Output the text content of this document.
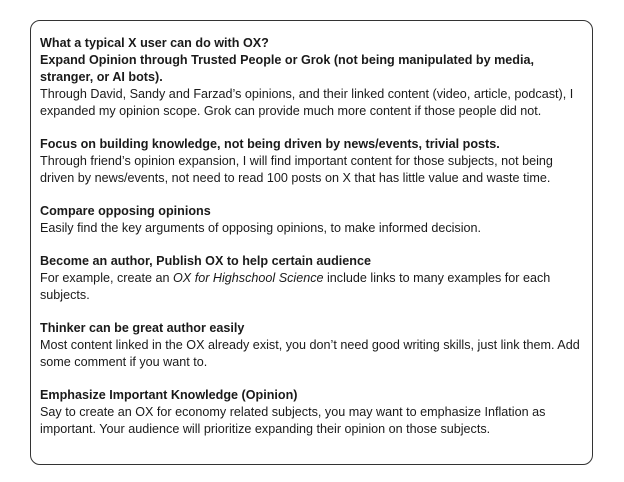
What a typical X user can do with OX?
Expand Opinion through Trusted People or Grok (not being manipulated by media, stranger, or AI bots).
Through David, Sandy and Farzad’s opinions, and their linked content (video, article, podcast), I expanded my opinion scope. Grok can provide much more content if those people did not.
Focus on building knowledge, not being driven by news/events, trivial posts.
Through friend’s opinion expansion, I will find important content for those subjects, not being driven by news/events, not need to read 100 posts on X that has little value and waste time.
Compare opposing opinions
Easily find the key arguments of opposing opinions, to make informed decision.
Become an author, Publish OX to help certain audience
For example, create an OX for Highschool Science include links to many examples for each subjects.
Thinker can be great author easily
Most content linked in the OX already exist, you don’t need good writing skills, just link them. Add some comment if you want to.
Emphasize Important Knowledge (Opinion)
Say to create an OX for economy related subjects, you may want to emphasize Inflation as important. Your audience will prioritize expanding their opinion on those subjects.
